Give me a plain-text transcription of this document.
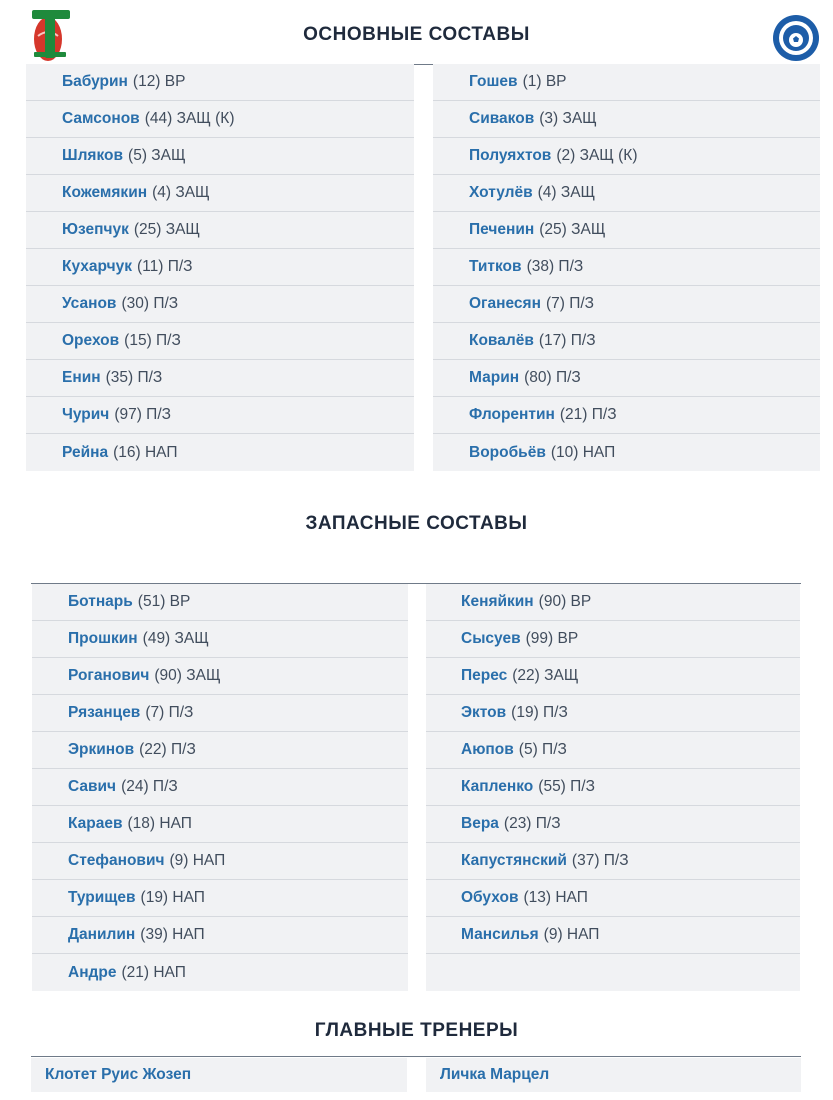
ОСНОВНЫЕ СОСТАВЫ
Бабурин (12) ВР
Самсонов (44) ЗАЩ (К)
Шляков (5) ЗАЩ
Кожемякин (4) ЗАЩ
Юзепчук (25) ЗАЩ
Кухарчук (11) П/З
Усанов (30) П/З
Орехов (15) П/З
Енин (35) П/З
Чурич (97) П/З
Рейна (16) НАП
Гошев (1) ВР
Сиваков (3) ЗАЩ
Полуяхтов (2) ЗАЩ (К)
Хотулёв (4) ЗАЩ
Печенин (25) ЗАЩ
Титков (38) П/З
Оганесян (7) П/З
Ковалёв (17) П/З
Марин (80) П/З
Флорентин (21) П/З
Воробьёв (10) НАП
ЗАПАСНЫЕ СОСТАВЫ
Ботнарь (51) ВР
Прошкин (49) ЗАЩ
Роганович (90) ЗАЩ
Рязанцев (7) П/З
Эркинов (22) П/З
Савич (24) П/З
Караев (18) НАП
Стефанович (9) НАП
Турищев (19) НАП
Данилин (39) НАП
Андре (21) НАП
Кеняйкин (90) ВР
Сысуев (99) ВР
Перес (22) ЗАЩ
Эктов (19) П/З
Аюпов (5) П/З
Капленко (55) П/З
Вера (23) П/З
Капустянский (37) П/З
Обухов (13) НАП
Мансилья (9) НАП
ГЛАВНЫЕ ТРЕНЕРЫ
Клотет Руис Жозеп	Личка Марцел
